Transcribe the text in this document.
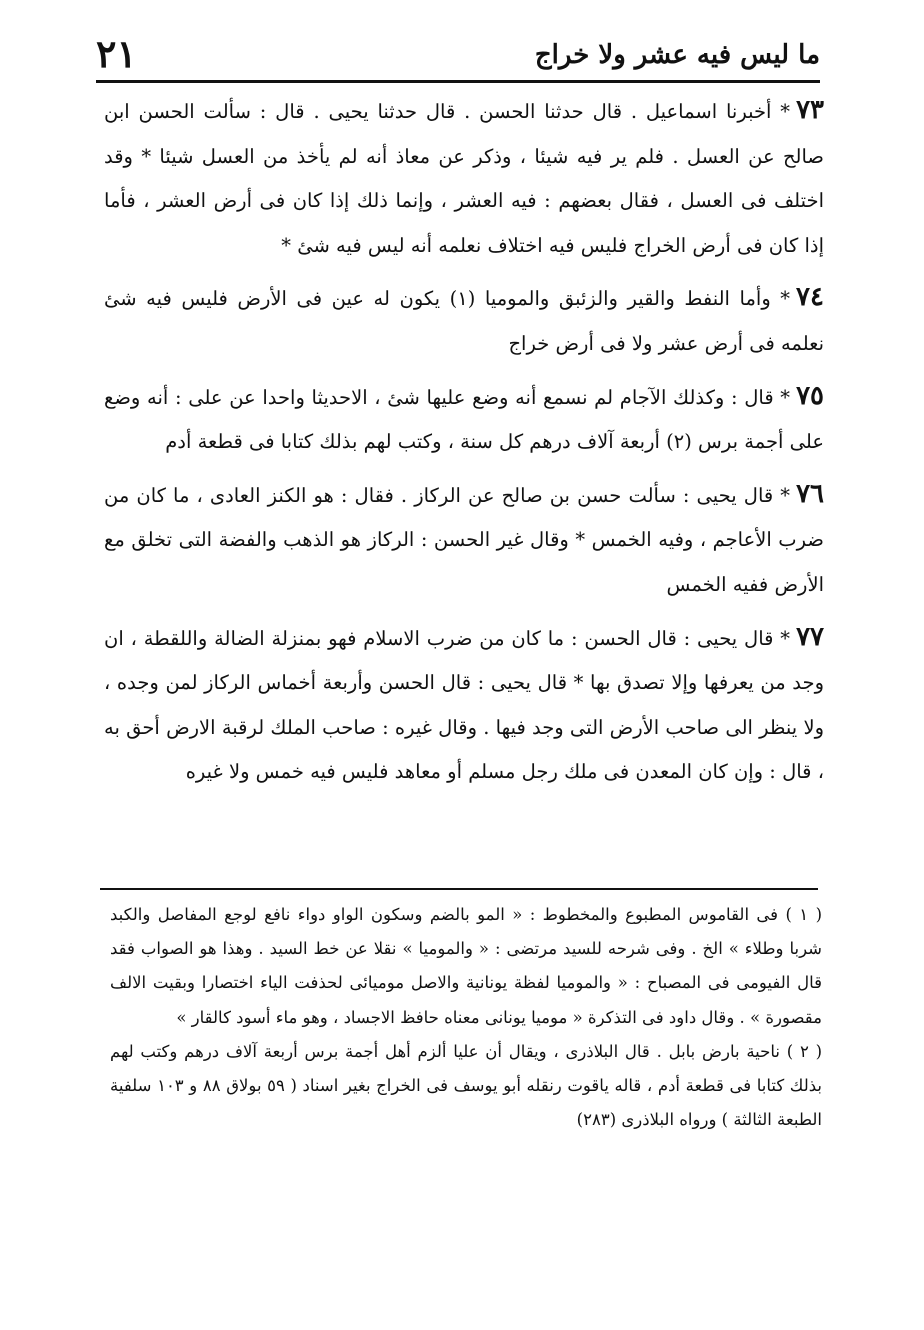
ما ليس فيه عشر ولا خراج
٢١

٧٣* أخبرنا اسماعيل . قال حدثنا الحسن . قال حدثنا يحيى . قال : سألت الحسن ابن صالح عن العسل . فلم ير فيه شيئا ، وذكر عن معاذ أنه لم يأخذ من العسل شيئا * وقد اختلف فى العسل ، فقال بعضهم : فيه العشر ، وإنما ذلك إذا كان فى أرض العشر ، فأما إذا كان فى أرض الخراج فليس فيه اختلاف نعلمه أنه ليس فيه شئ *

٧٤* وأما النفط والقير والزئبق والموميا (١) يكون له عين فى الأرض فليس فيه شئ نعلمه فى أرض عشر ولا فى أرض خراج

٧٥* قال : وكذلك الآجام لم نسمع أنه وضع عليها شئ ، الاحديثا واحدا عن على : أنه وضع على أجمة برس (٢) أربعة آلاف درهم كل سنة ، وكتب لهم بذلك كتابا فى قطعة أدم

٧٦* قال يحيى : سألت حسن بن صالح عن الركاز . فقال : هو الكنز العادى ، ما كان من ضرب الأعاجم ، وفيه الخمس * وقال غير الحسن : الركاز هو الذهب والفضة التى تخلق مع الأرض ففيه الخمس

٧٧* قال يحيى : قال الحسن : ما كان من ضرب الاسلام فهو بمنزلة الضالة واللقطة ، ان وجد من يعرفها وإلا تصدق بها * قال يحيى : قال الحسن وأربعة أخماس الركاز لمن وجده ، ولا ينظر الى صاحب الأرض التى وجد فيها . وقال غيره : صاحب الملك لرقبة الارض أحق به ، قال : وإن كان المعدن فى ملك رجل مسلم أو معاهد فليس فيه خمس ولا غيره

( ١ ) فى القاموس المطبوع والمخطوط : « المو بالضم وسكون الواو دواء نافع لوجع المفاصل والكبد شربا وطلاء » الخ . وفى شرحه للسيد مرتضى : « والموميا » نقلا عن خط السيد . وهذا هو الصواب فقد قال الفيومى فى المصباح : « والموميا لفظة يونانية والاصل موميائى لحذفت الياء اختصارا وبقيت الالف مقصورة » . وقال داود فى التذكرة « موميا يونانى معناه حافظ الاجساد ، وهو ماء أسود كالقار »

( ٢ ) ناحية بارض بابل . قال البلاذرى ، ويقال أن عليا ألزم أهل أجمة برس أربعة آلاف درهم وكتب لهم بذلك كتابا فى قطعة أدم ، قاله ياقوت رنقله أبو يوسف فى الخراج بغير اسناد ( ٥٩ بولاق ٨٨ و ١٠٣ سلفية الطبعة الثالثة ) ورواه البلاذرى (٢٨٣)
